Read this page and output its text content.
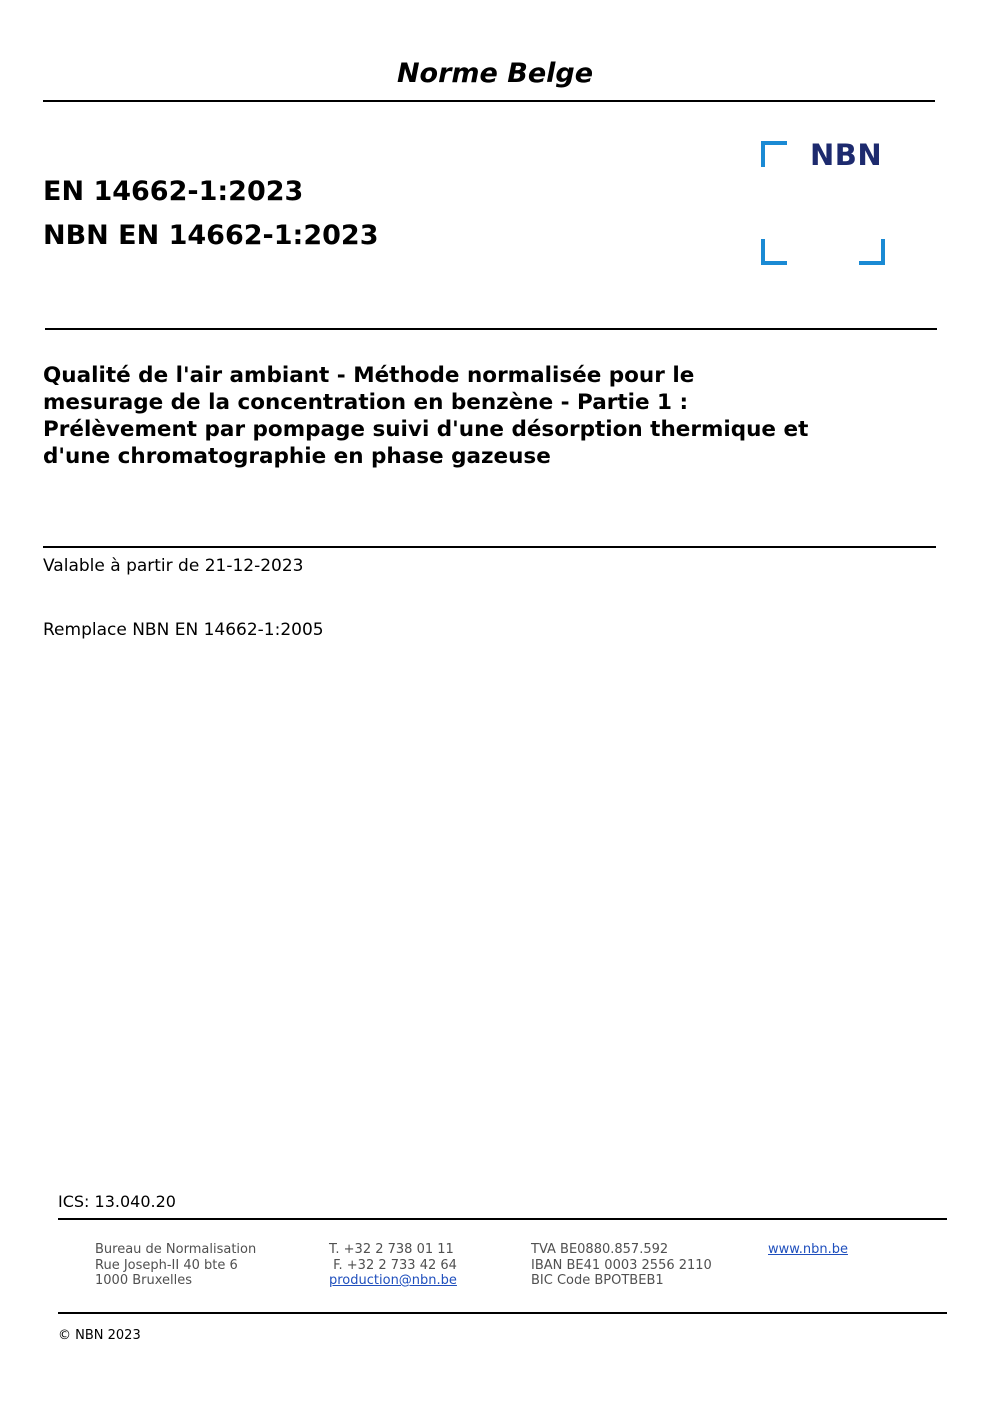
Norme Belge
EN 14662-1:2023
NBN EN 14662-1:2023
NBN
Qualité de l'air ambiant - Méthode normalisée pour le
mesurage de la concentration en benzène - Partie 1 :
Prélèvement par pompage suivi d'une désorption thermique et
d'une chromatographie en phase gazeuse
Valable à partir de 21-12-2023
Remplace NBN EN 14662-1:2005
ICS: 13.040.20
Bureau de Normalisation
Rue Joseph-II 40 bte 6
1000 Bruxelles
T. +32 2 738 01 11
F. +32 2 733 42 64
production@nbn.be
TVA BE0880.857.592
IBAN BE41 0003 2556 2110
BIC Code BPOTBEB1
www.nbn.be
© NBN 2023
